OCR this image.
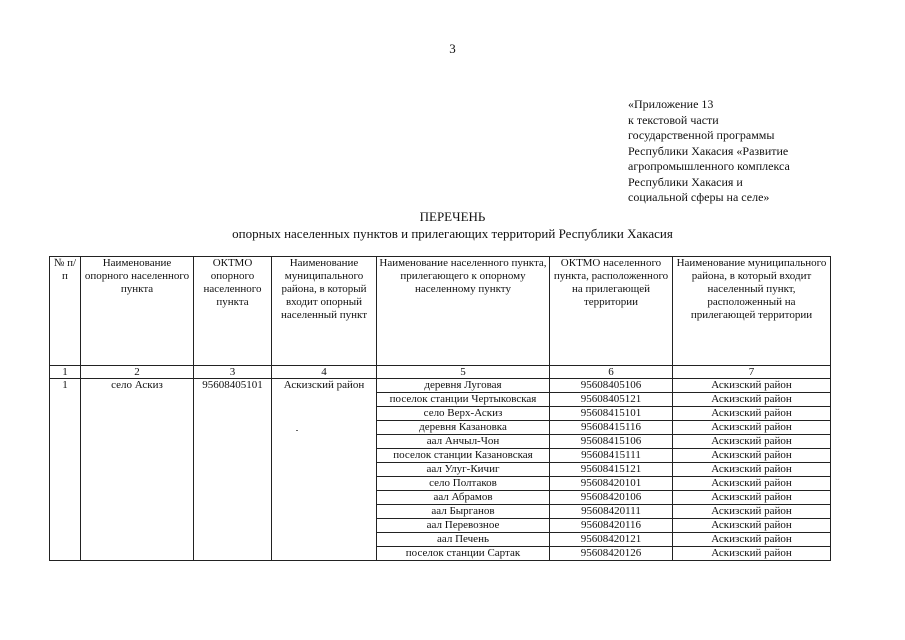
3
«Приложение 13
к текстовой части
государственной программы
Республики Хакасия «Развитие
агропромышленного комплекса
Республики Хакасия и
социальной сферы на селе»
ПЕРЕЧЕНЬ
опорных населенных пунктов и прилегающих территорий Республики Хакасия
№ п/п	Наименование опорного населенного пункта	ОКТМО опорного населенного пункта	Наименование муниципального района, в который входит опорный населенный пункт	Наименование населенного пункта, прилегающего к опорному населенному пункту	ОКТМО населенного пункта, расположенного на прилегающей территории	Наименование муниципального района, в который входит населенный пункт, расположенный на прилегающей территории
1	2	3	4	5	6	7
1	село Аскиз	95608405101	Аскизский район	деревня Луговая	95608405106	Аскизский район
				поселок станции Чертыковская	95608405121	Аскизский район
				село Верх-Аскиз	95608415101	Аскизский район
				деревня Казановка	95608415116	Аскизский район
				аал Анчыл-Чон	95608415106	Аскизский район
				поселок станции Казановская	95608415111	Аскизский район
				аал Улуг-Кичиг	95608415121	Аскизский район
				село Полтаков	95608420101	Аскизский район
				аал Абрамов	95608420106	Аскизский район
				аал Бырганов	95608420111	Аскизский район
				аал Перевозное	95608420116	Аскизский район
				аал Печень	95608420121	Аскизский район
				поселок станции Сартак	95608420126	Аскизский район
